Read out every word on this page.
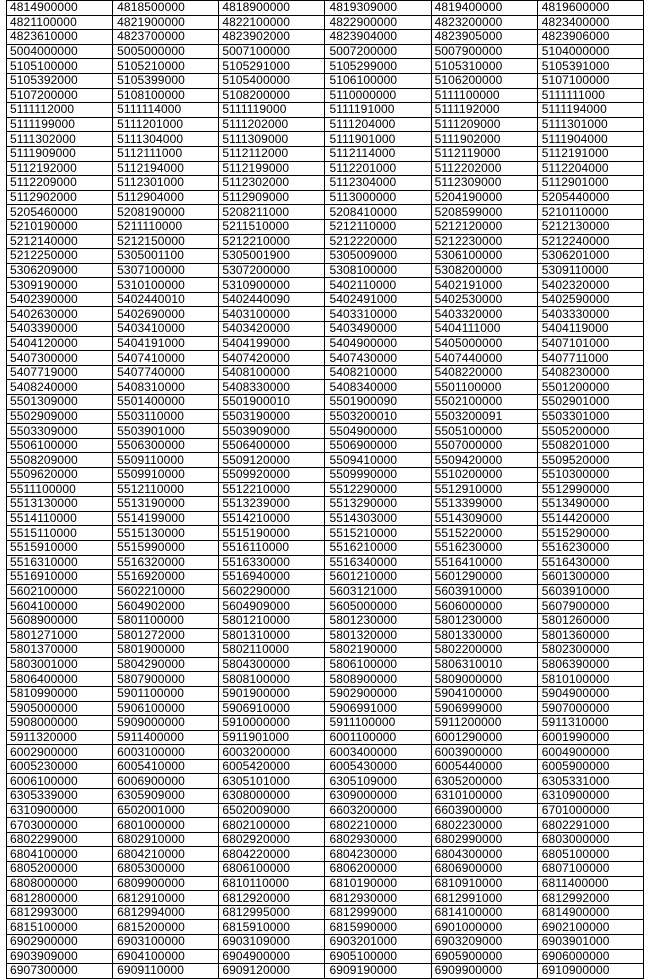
4814900000	4818500000	4818900000	4819309000	4819400000	4819600000
4821100000	4821900000	4822100000	4822900000	4823200000	4823400000
4823610000	4823700000	4823902000	4823904000	4823905000	4823906000
5004000000	5005000000	5007100000	5007200000	5007900000	5104000000
5105100000	5105210000	5105291000	5105299000	5105310000	5105391000
5105392000	5105399000	5105400000	5106100000	5106200000	5107100000
5107200000	5108100000	5108200000	5110000000	5111100000	5111111000
5111112000	5111114000	5111119000	5111191000	5111192000	5111194000
5111199000	5111201000	5111202000	5111204000	5111209000	5111301000
5111302000	5111304000	5111309000	5111901000	5111902000	5111904000
5111909000	5112111000	5112112000	5112114000	5112119000	5112191000
5112192000	5112194000	5112199000	5112201000	5112202000	5112204000
5112209000	5112301000	5112302000	5112304000	5112309000	5112901000
5112902000	5112904000	5112909000	5113000000	5204190000	5205440000
5205460000	5208190000	5208211000	5208410000	5208599000	5210110000
5210190000	5211110000	5211510000	5212110000	5212120000	5212130000
5212140000	5212150000	5212210000	5212220000	5212230000	5212240000
5212250000	5305001100	5305001900	5305009000	5306100000	5306201000
5306209000	5307100000	5307200000	5308100000	5308200000	5309110000
5309190000	5310100000	5310900000	5402110000	5402191000	5402320000
5402390000	5402440010	5402440090	5402491000	5402530000	5402590000
5402630000	5402690000	5403100000	5403310000	5403320000	5403330000
5403390000	5403410000	5403420000	5403490000	5404111000	5404119000
5404120000	5404191000	5404199000	5404900000	5405000000	5407101000
5407300000	5407410000	5407420000	5407430000	5407440000	5407711000
5407719000	5407740000	5408100000	5408210000	5408220000	5408230000
5408240000	5408310000	5408330000	5408340000	5501100000	5501200000
5501309000	5501400000	5501900010	5501900090	5502100000	5502901000
5502909000	5503110000	5503190000	5503200010	5503200091	5503301000
5503309000	5503901000	5503909000	5504900000	5505100000	5505200000
5506100000	5506300000	5506400000	5506900000	5507000000	5508201000
5508209000	5509110000	5509120000	5509410000	5509420000	5509520000
5509620000	5509910000	5509920000	5509990000	5510200000	5510300000
5511100000	5512110000	5512210000	5512290000	5512910000	5512990000
5513130000	5513190000	5513239000	5513290000	5513399000	5513490000
5514110000	5514199000	5514210000	5514303000	5514309000	5514420000
5515110000	5515130000	5515190000	5515210000	5515220000	5515290000
5515910000	5515990000	5516110000	5516210000	5516230000	5516230000
5516310000	5516320000	5516330000	5516340000	5516410000	5516430000
5516910000	5516920000	5516940000	5601210000	5601290000	5601300000
5602100000	5602210000	5602290000	5603121000	5603910000	5603910000
5604100000	5604902000	5604909000	5605000000	5606000000	5607900000
5608900000	5801100000	5801210000	5801230000	5801230000	5801260000
5801271000	5801272000	5801310000	5801320000	5801330000	5801360000
5801370000	5801900000	5802110000	5802190000	5802200000	5802300000
5803001000	5804290000	5804300000	5806100000	5806310010	5806390000
5806400000	5807900000	5808100000	5808900000	5809000000	5810100000
5810990000	5901100000	5901900000	5902900000	5904100000	5904900000
5905000000	5906100000	5906910000	5906991000	5906999000	5907000000
5908000000	5909000000	5910000000	5911100000	5911200000	5911310000
5911320000	5911400000	5911901000	6001100000	6001290000	6001990000
6002900000	6003100000	6003200000	6003400000	6003900000	6004900000
6005230000	6005410000	6005420000	6005430000	6005440000	6005900000
6006100000	6006900000	6305101000	6305109000	6305200000	6305331000
6305339000	6305909000	6308000000	6309000000	6310100000	6310900000
6310900000	6502001000	6502009000	6603200000	6603900000	6701000000
6703000000	6801000000	6802100000	6802210000	6802230000	6802291000
6802299000	6802910000	6802920000	6802930000	6802990000	6803000000
6804100000	6804210000	6804220000	6804230000	6804300000	6805100000
6805200000	6805300000	6806100000	6806200000	6806900000	6807100000
6808000000	6809900000	6810110000	6810190000	6810910000	6811400000
6812800000	6812910000	6812920000	6812930000	6812991000	6812992000
6812993000	6812994000	6812995000	6812999000	6814100000	6814900000
6815100000	6815200000	6815910000	6815990000	6901000000	6902100000
6902900000	6903100000	6903109000	6903201000	6903209000	6903901000
6903909000	6904100000	6904900000	6905100000	6905900000	6906000000
6907300000	6909110000	6909120000	6909190000	6909900000	6910900000
